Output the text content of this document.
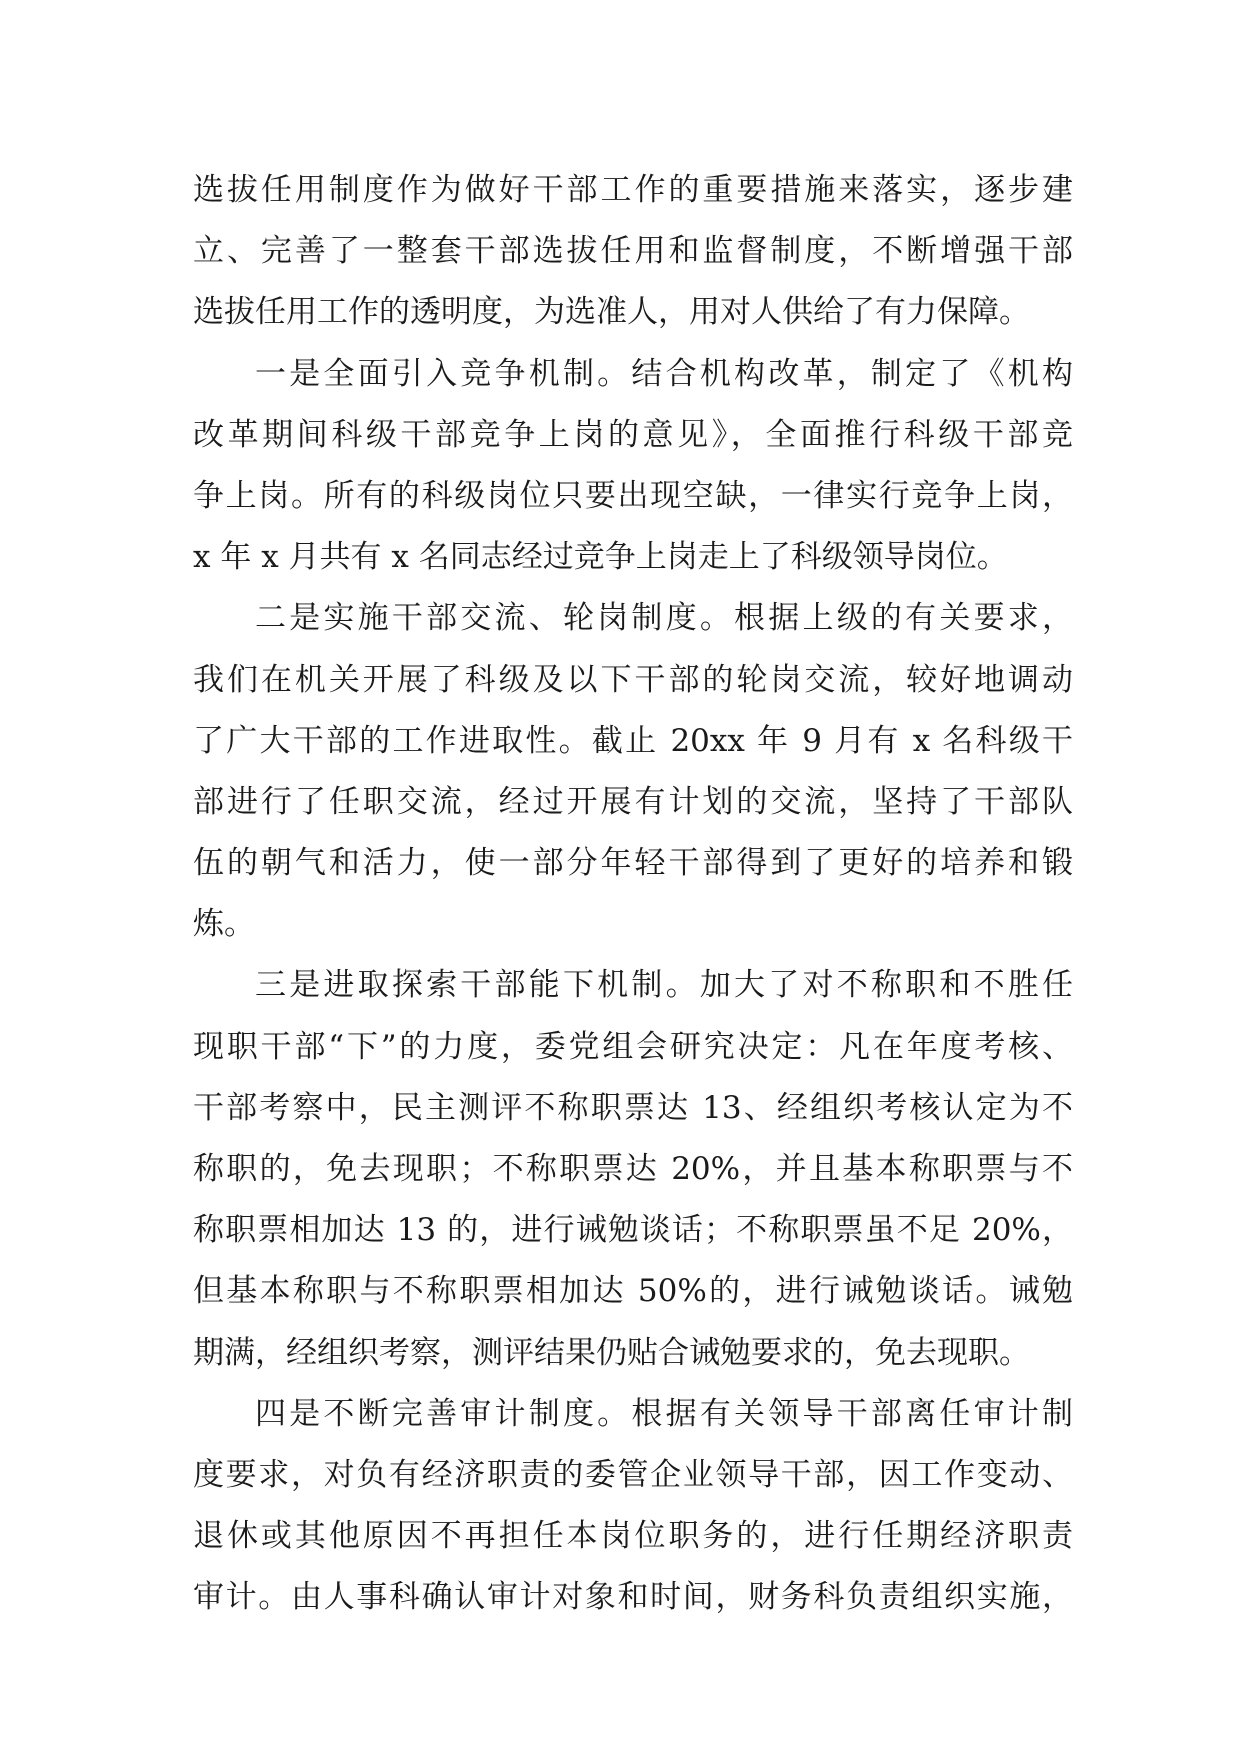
选拔任用制度作为做好干部工作的重要措施来落实，逐步建
立、完善了一整套干部选拔任用和监督制度，不断增强干部
选拔任用工作的透明度，为选准人，用对人供给了有力保障。
一是全面引入竞争机制。结合机构改革，制定了《机构
改革期间科级干部竞争上岗的意见》，全面推行科级干部竞
争上岗。所有的科级岗位只要出现空缺，一律实行竞争上岗，
x 年 x 月共有 x 名同志经过竞争上岗走上了科级领导岗位。
二是实施干部交流、轮岗制度。根据上级的有关要求，
我们在机关开展了科级及以下干部的轮岗交流，较好地调动
了广大干部的工作进取性。截止 20xx 年 9 月有 x 名科级干
部进行了任职交流，经过开展有计划的交流，坚持了干部队
伍的朝气和活力，使一部分年轻干部得到了更好的培养和锻
炼。
三是进取探索干部能下机制。加大了对不称职和不胜任
现职干部“下”的力度，委党组会研究决定：凡在年度考核、
干部考察中，民主测评不称职票达 13、经组织考核认定为不
称职的，免去现职；不称职票达 20%，并且基本称职票与不
称职票相加达 13 的，进行诫勉谈话；不称职票虽不足 20%，
但基本称职与不称职票相加达 50%的，进行诫勉谈话。诫勉
期满，经组织考察，测评结果仍贴合诫勉要求的，免去现职。
四是不断完善审计制度。根据有关领导干部离任审计制
度要求，对负有经济职责的委管企业领导干部，因工作变动、
退休或其他原因不再担任本岗位职务的，进行任期经济职责
审计。由人事科确认审计对象和时间，财务科负责组织实施，
